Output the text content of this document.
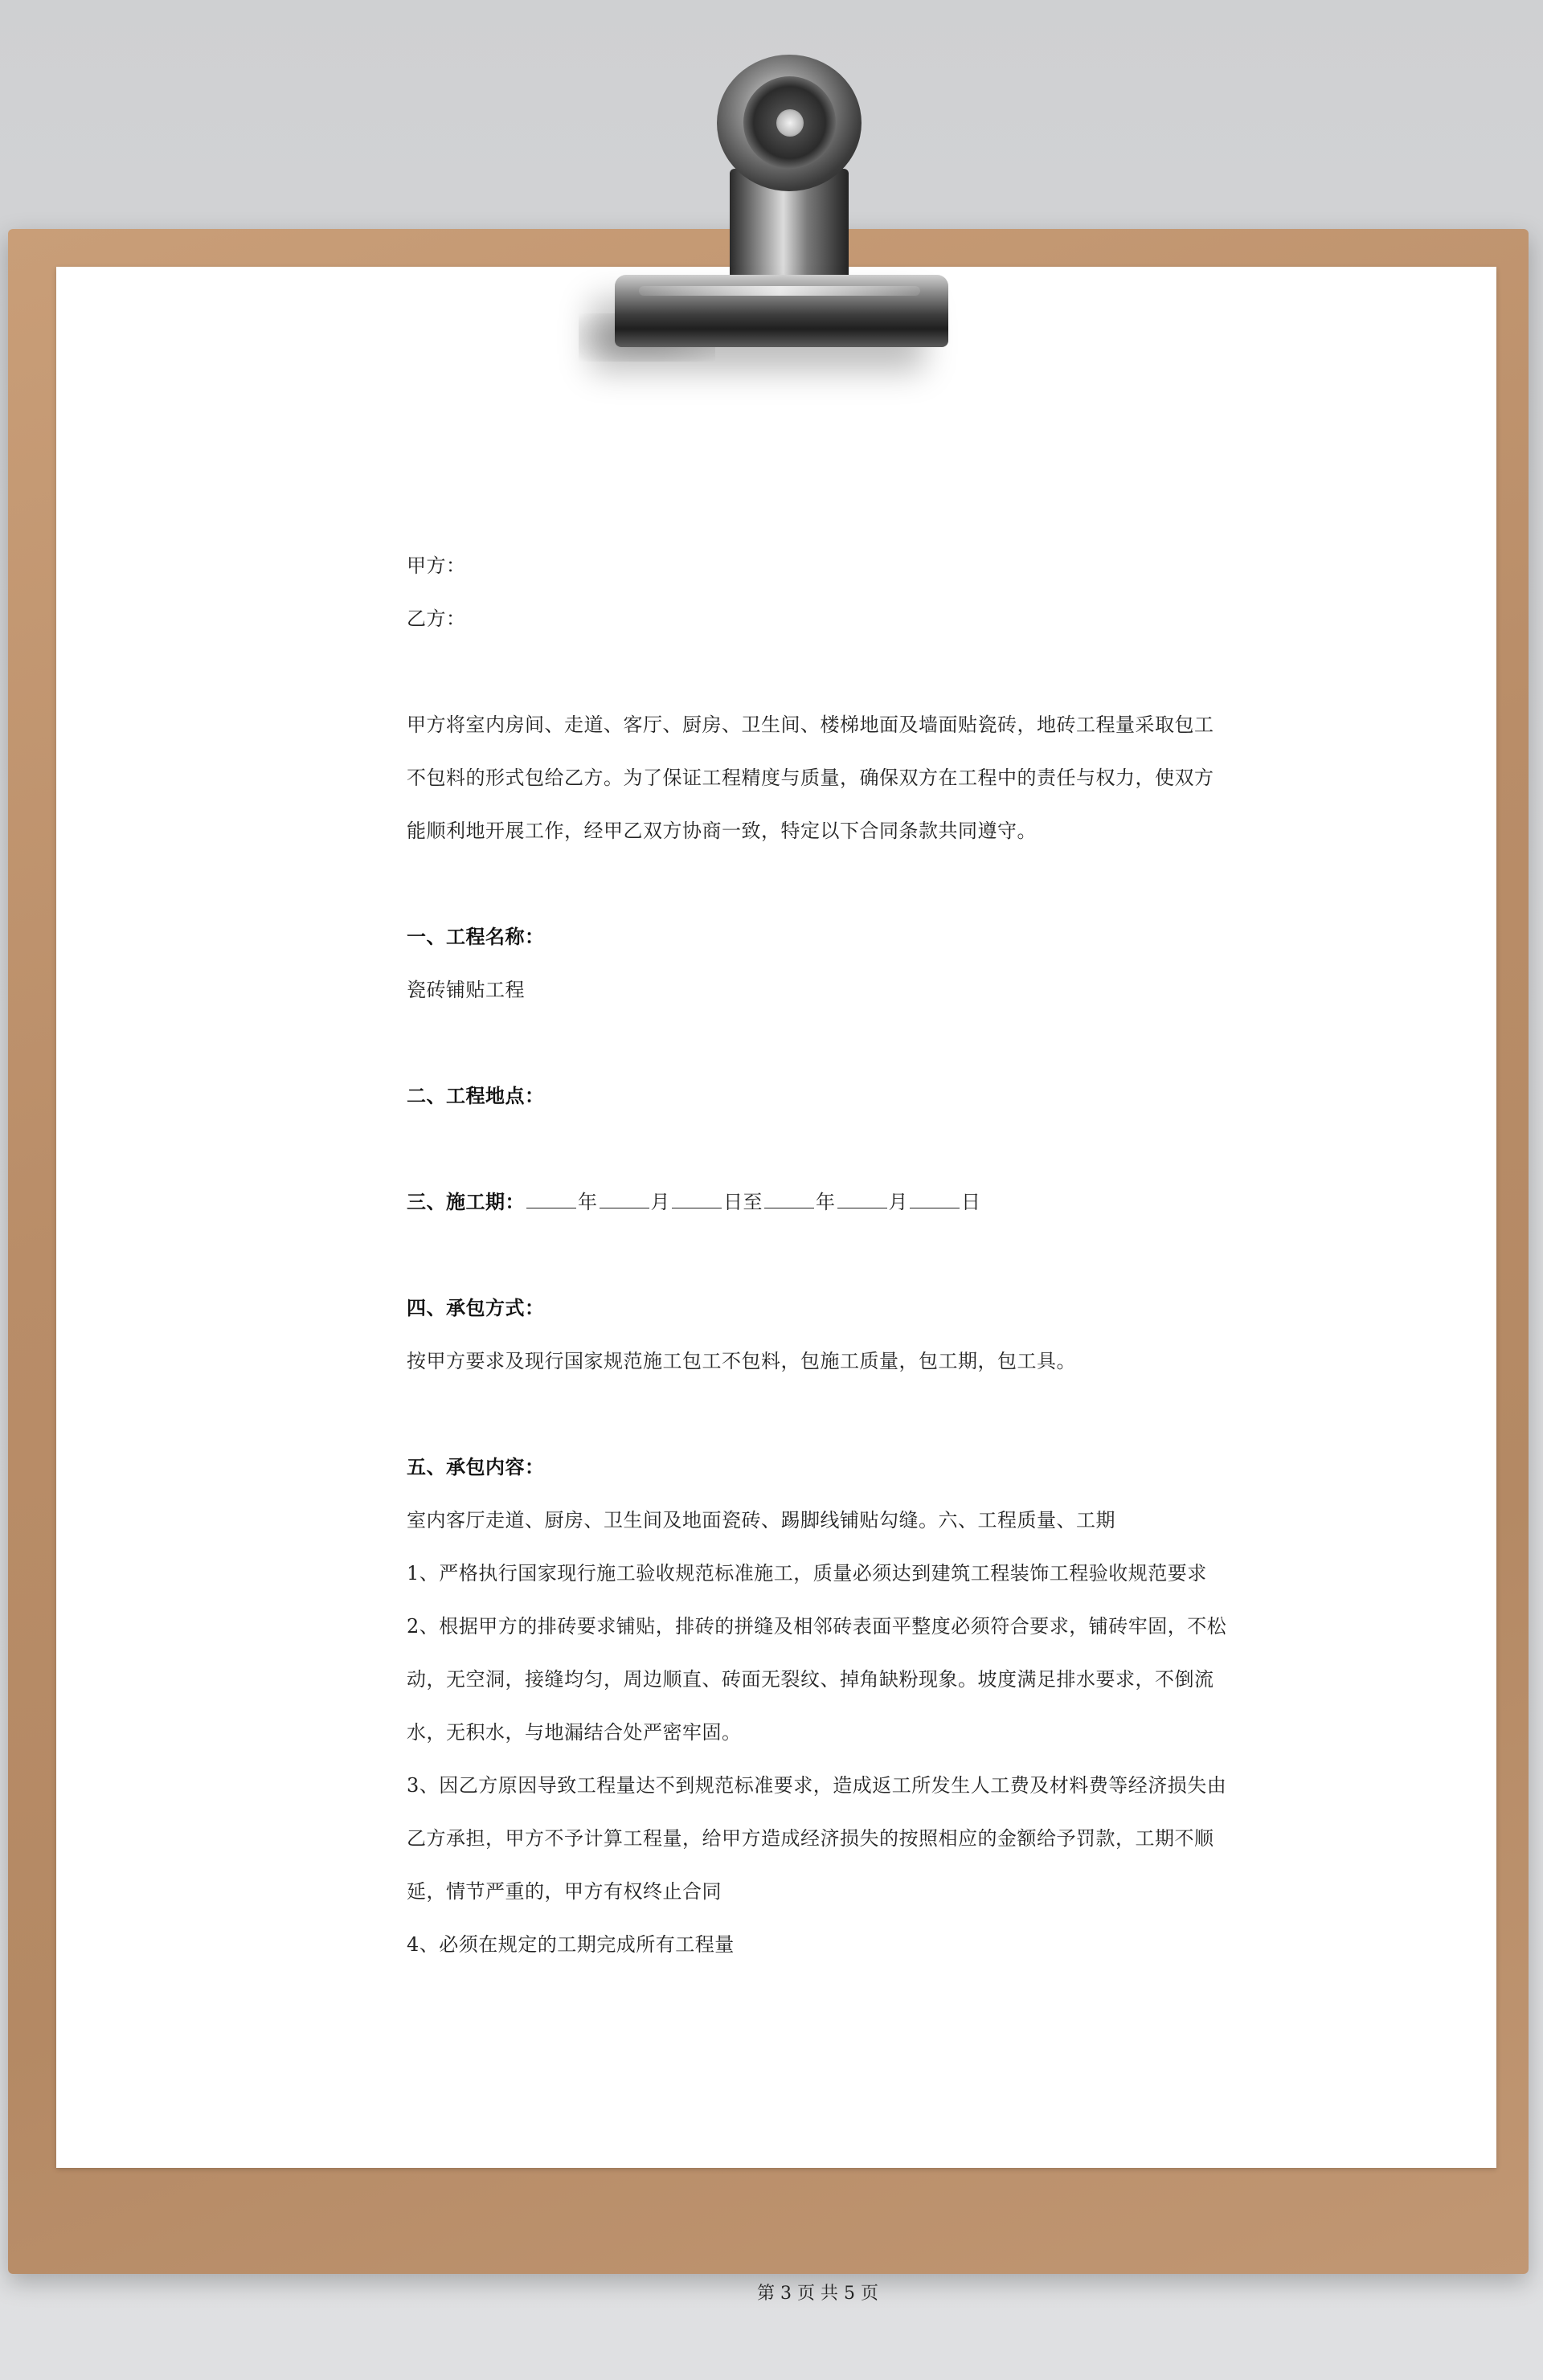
甲方：
乙方：
甲方将室内房间、走道、客厅、厨房、卫生间、楼梯地面及墙面贴瓷砖，地砖工程量采取包工
不包料的形式包给乙方。为了保证工程精度与质量，确保双方在工程中的责任与权力，使双方
能顺利地开展工作，经甲乙双方协商一致，特定以下合同条款共同遵守。
一、工程名称：
瓷砖铺贴工程
二、工程地点：
三、施工期：	年	月	日至	年	月	日
四、承包方式：
按甲方要求及现行国家规范施工包工不包料，包施工质量，包工期，包工具。
五、承包内容：
室内客厅走道、厨房、卫生间及地面瓷砖、踢脚线铺贴勾缝。六、工程质量、工期
1、严格执行国家现行施工验收规范标准施工，质量必须达到建筑工程装饰工程验收规范要求
2、根据甲方的排砖要求铺贴，排砖的拼缝及相邻砖表面平整度必须符合要求，铺砖牢固，不松
动，无空洞，接缝均匀，周边顺直、砖面无裂纹、掉角缺粉现象。坡度满足排水要求，不倒流
水，无积水，与地漏结合处严密牢固。
3、因乙方原因导致工程量达不到规范标准要求，造成返工所发生人工费及材料费等经济损失由
乙方承担，甲方不予计算工程量，给甲方造成经济损失的按照相应的金额给予罚款，工期不顺
延，情节严重的，甲方有权终止合同
4、必须在规定的工期完成所有工程量
第 3 页 共 5 页
